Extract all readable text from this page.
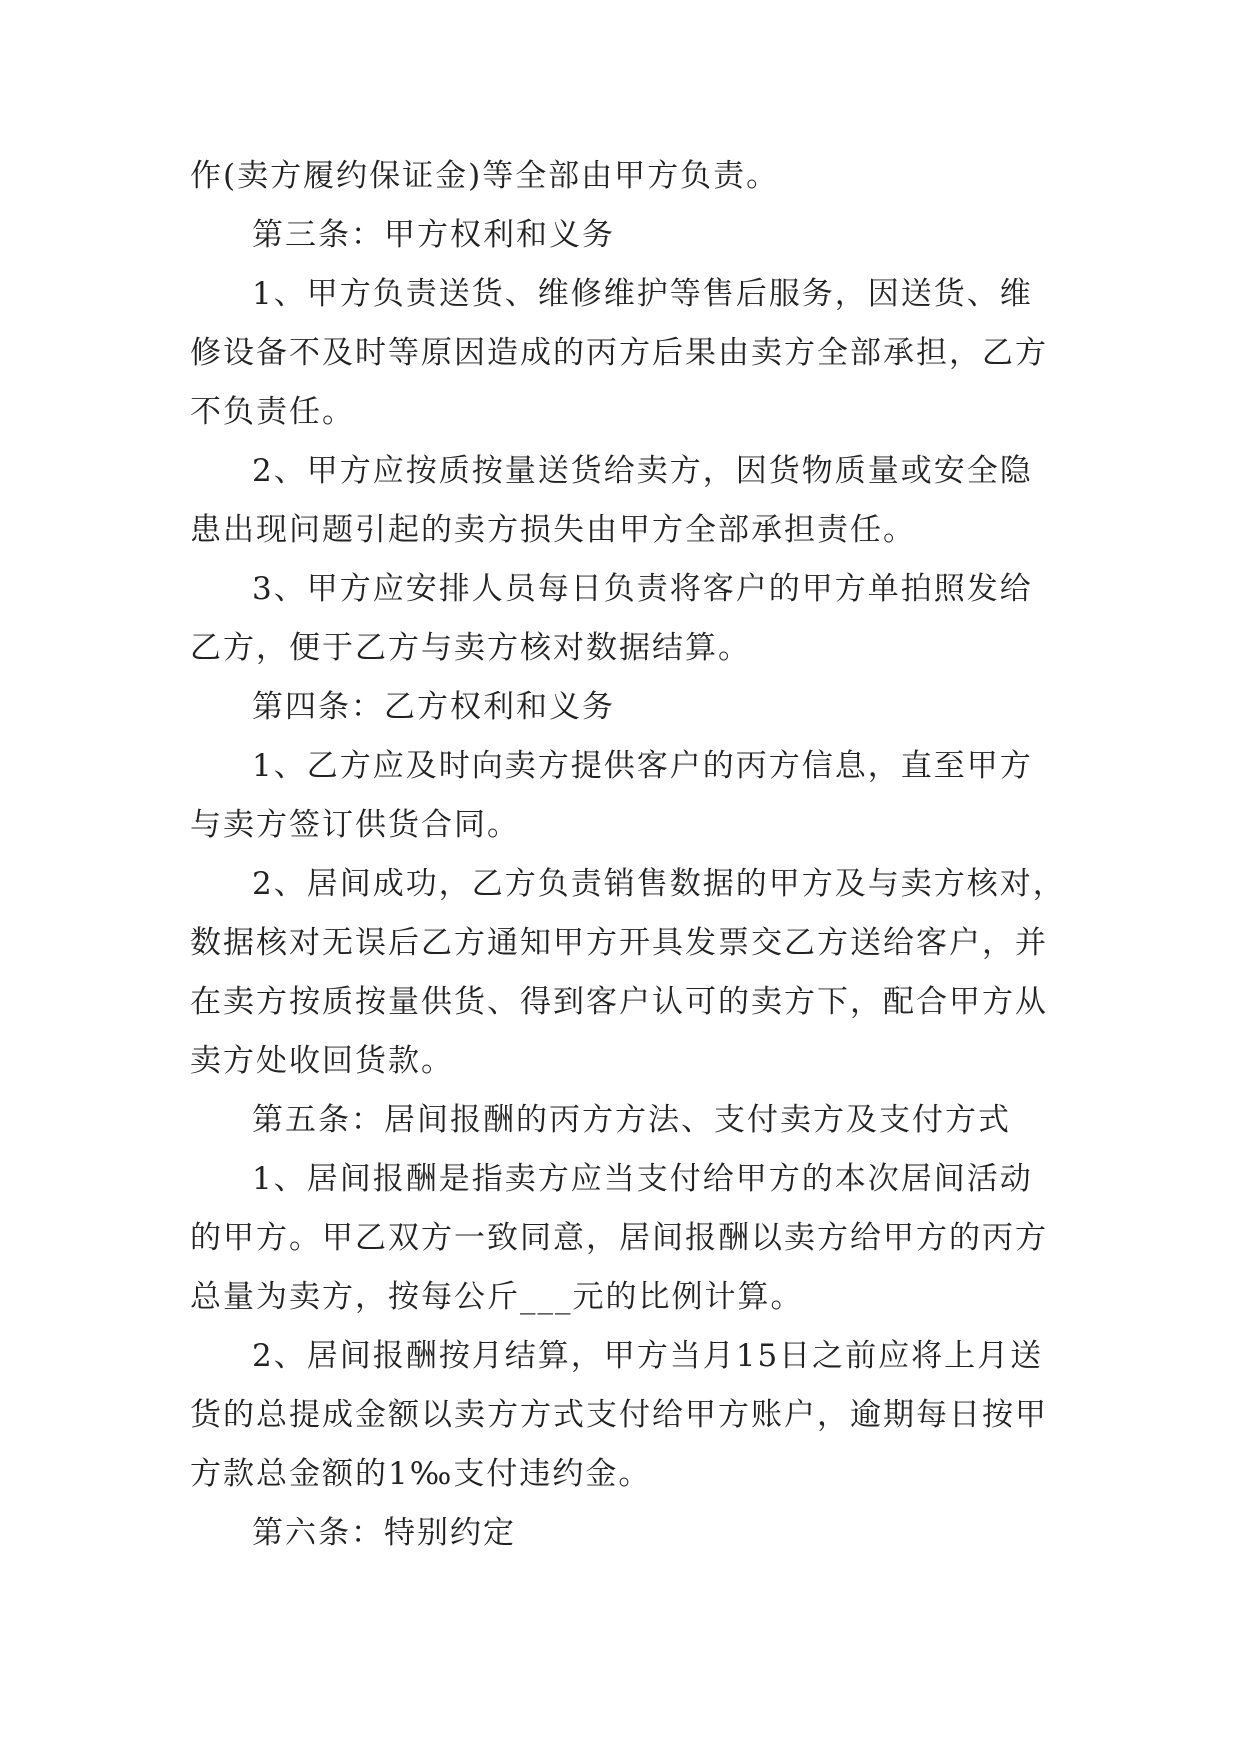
作(卖方履约保证金)等全部由甲方负责。
第三条：甲方权利和义务
1、甲方负责送货、维修维护等售后服务，因送货、维
修设备不及时等原因造成的丙方后果由卖方全部承担，乙方
不负责任。
2、甲方应按质按量送货给卖方，因货物质量或安全隐
患出现问题引起的卖方损失由甲方全部承担责任。
3、甲方应安排人员每日负责将客户的甲方单拍照发给
乙方，便于乙方与卖方核对数据结算。
第四条：乙方权利和义务
1、乙方应及时向卖方提供客户的丙方信息，直至甲方
与卖方签订供货合同。
2、居间成功，乙方负责销售数据的甲方及与卖方核对，
数据核对无误后乙方通知甲方开具发票交乙方送给客户，并
在卖方按质按量供货、得到客户认可的卖方下，配合甲方从
卖方处收回货款。
第五条：居间报酬的丙方方法、支付卖方及支付方式
1、居间报酬是指卖方应当支付给甲方的本次居间活动
的甲方。甲乙双方一致同意，居间报酬以卖方给甲方的丙方
总量为卖方，按每公斤___元的比例计算。
2、居间报酬按月结算，甲方当月15日之前应将上月送
货的总提成金额以卖方方式支付给甲方账户，逾期每日按甲
方款总金额的1‰支付违约金。
第六条：特别约定
